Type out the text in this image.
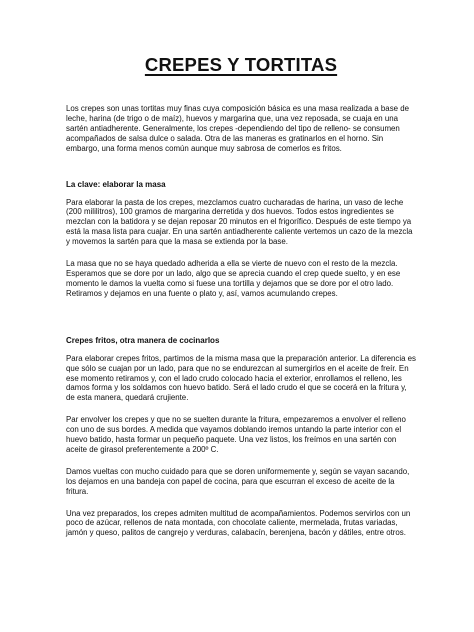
CREPES Y TORTITAS

Los crepes son unas tortitas muy finas cuya composición básica es una masa realizada a base de leche, harina (de trigo o de maíz), huevos y margarina que, una vez reposada, se cuaja en una sartén antiadherente. Generalmente, los crepes -dependiendo del tipo de relleno- se consumen acompañados de salsa dulce o salada. Otra de las maneras es gratinarlos en el horno. Sin embargo, una forma menos común aunque muy sabrosa de comerlos es fritos.

La clave: elaborar la masa

Para elaborar la pasta de los crepes, mezclamos cuatro cucharadas de harina, un vaso de leche (200 mililitros), 100 gramos de margarina derretida y dos huevos. Todos estos ingredientes se mezclan con la batidora y se dejan reposar 20 minutos en el frigorífico. Después de este tiempo ya está la masa lista para cuajar. En una sartén antiadherente caliente vertemos un cazo de la mezcla y movemos la sartén para que la masa se extienda por la base.

La masa que no se haya quedado adherida a ella se vierte de nuevo con el resto de la mezcla. Esperamos que se dore por un lado, algo que se aprecia cuando el crep quede suelto, y en ese momento le damos la vuelta como si fuese una tortilla y dejamos que se dore por el otro lado. Retiramos y dejamos en una fuente o plato y, así, vamos acumulando crepes.

Crepes fritos, otra manera de cocinarlos

Para elaborar crepes fritos, partimos de la misma masa que la preparación anterior. La diferencia es que sólo se cuajan por un lado, para que no se endurezcan al sumergirlos en el aceite de freír. En ese momento retiramos y, con el lado crudo colocado hacia el exterior, enrollamos el relleno, les damos forma y los soldamos con huevo batido. Será el lado crudo el que se cocerá en la fritura y, de esta manera, quedará crujiente.

Par envolver los crepes y que no se suelten durante la fritura, empezaremos a envolver el relleno con uno de sus bordes. A medida que vayamos doblando iremos untando la parte interior con el huevo batido, hasta formar un pequeño paquete. Una vez listos, los freímos en una sartén con aceite de girasol preferentemente a 200º C.

Damos vueltas con mucho cuidado para que se doren uniformemente y, según se vayan sacando, los dejamos en una bandeja con papel de cocina, para que escurran el exceso de aceite de la fritura.

Una vez preparados, los crepes admiten multitud de acompañamientos. Podemos servirlos con un poco de azúcar, rellenos de nata montada, con chocolate caliente, mermelada, frutas variadas, jamón y queso, palitos de cangrejo y verduras, calabacín, berenjena, bacón y dátiles, entre otros.
